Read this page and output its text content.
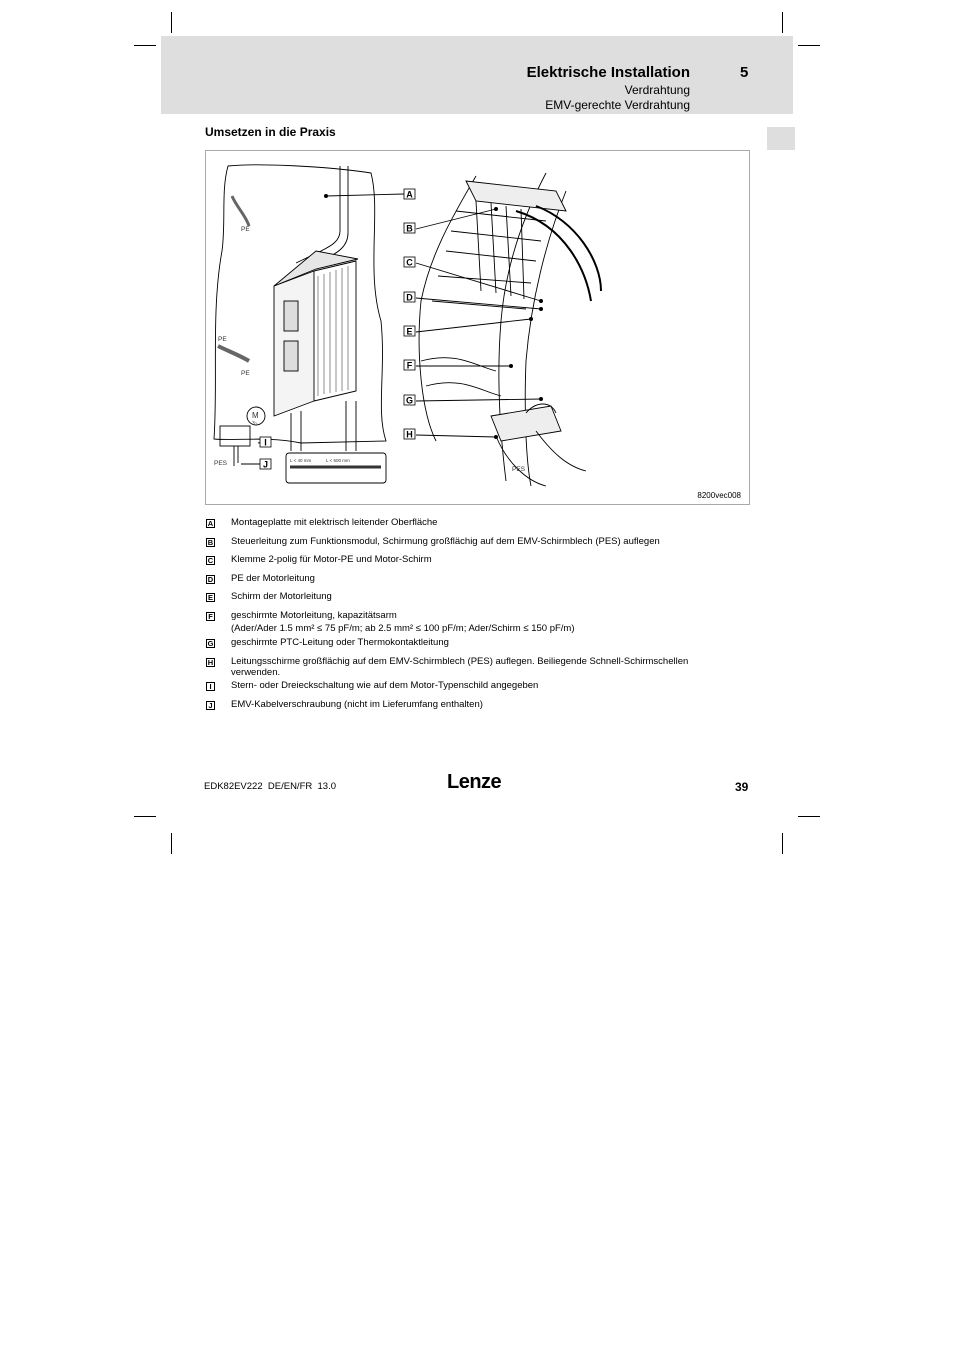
Elektrische Installation	5
Verdrahtung
EMV-gerechte Verdrahtung
Umsetzen in die Praxis
A
B
C
D
E
F
G
H
I
J
PE
PE
PE
PES
PES
M
3~
L < 40 mm	L < 500 mm
8200vec008
A Montageplatte mit elektrisch leitender Oberfläche
B Steuerleitung zum Funktionsmodul, Schirmung großflächig auf dem EMV-Schirmblech (PES) auflegen
C Klemme 2-polig für Motor-PE und Motor-Schirm
D PE der Motorleitung
E Schirm der Motorleitung
F geschirmte Motorleitung, kapazitätsarm
(Ader/Ader 1.5 mm² ≤ 75 pF/m; ab 2.5 mm² ≤ 100 pF/m; Ader/Schirm ≤ 150 pF/m)
G geschirmte PTC-Leitung oder Thermokontaktleitung
H Leitungsschirme großflächig auf dem EMV-Schirmblech (PES) auflegen. Beiliegende Schnell-Schirmschellen
verwenden.
I	Stern- oder Dreieckschaltung wie auf dem Motor-Typenschild angegeben
J EMV-Kabelverschraubung (nicht im Lieferumfang enthalten)
EDK82EV222  DE/EN/FR  13.0	Lenze	39
